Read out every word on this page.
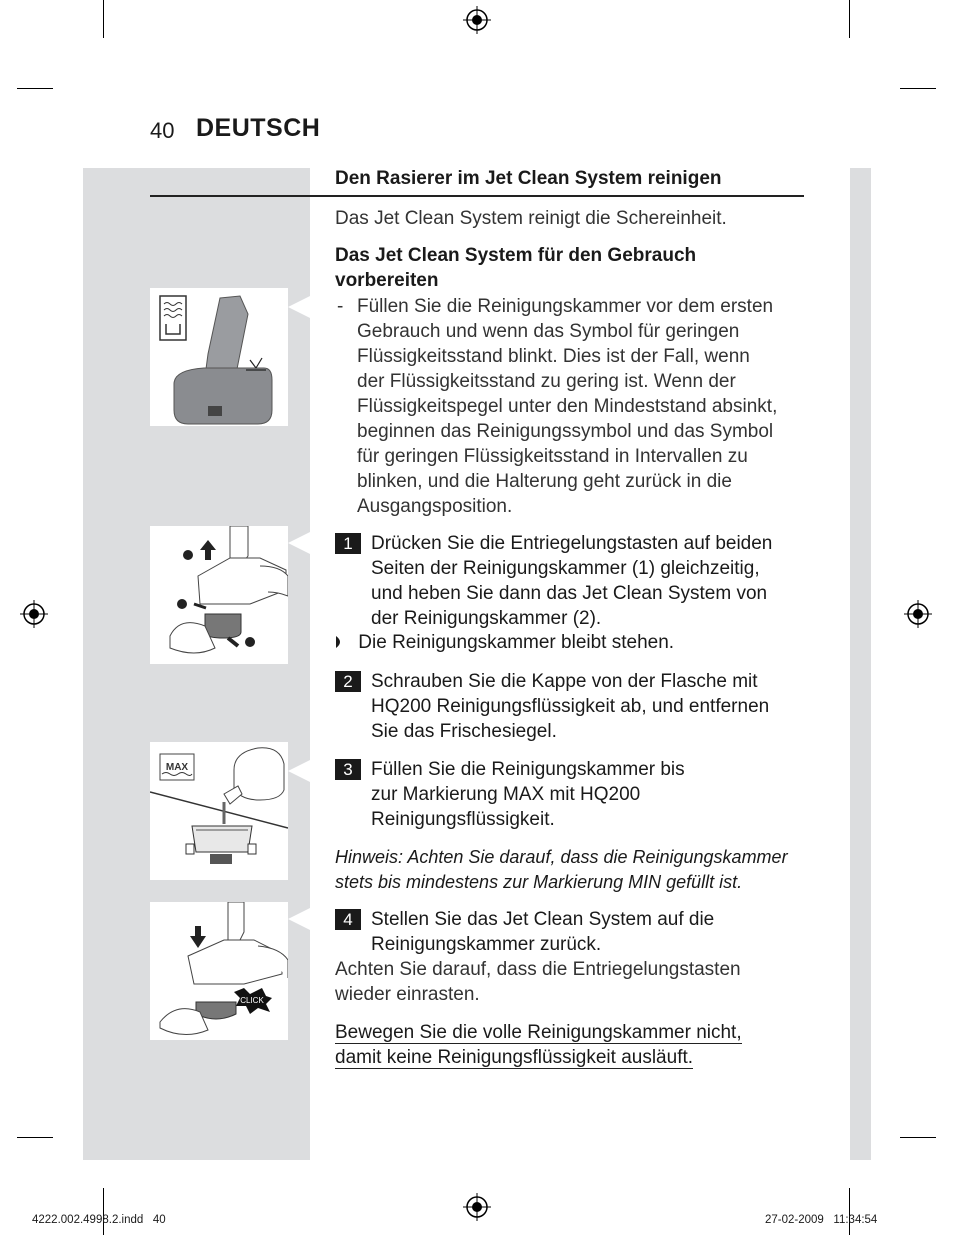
40 DEUTSCH
Den Rasierer im Jet Clean System reinigen
Das Jet Clean System reinigt die Schereinheit.
Das Jet Clean System für den Gebrauch vorbereiten
- Füllen Sie die Reinigungskammer vor dem ersten
Gebrauch und wenn das Symbol für geringen
Flüssigkeitsstand blinkt. Dies ist der Fall, wenn
der Flüssigkeitsstand zu gering ist. Wenn der
Flüssigkeitspegel unter den Mindeststand absinkt,
beginnen das Reinigungssymbol und das Symbol
für geringen Flüssigkeitsstand in Intervallen zu
blinken, und die Halterung geht zurück in die
Ausgangsposition.
MAX
CLICK
1 Drücken Sie die Entriegelungstasten auf beiden
Seiten der Reinigungskammer (1) gleichzeitig,
und heben Sie dann das Jet Clean System von
der Reinigungskammer (2).
Die Reinigungskammer bleibt stehen.
2 Schrauben Sie die Kappe von der Flasche mit
HQ200 Reinigungsflüssigkeit ab, und entfernen
Sie das Frischesiegel.
3 Füllen Sie die Reinigungskammer bis
zur Markierung MAX mit HQ200
Reinigungsflüssigkeit.
Hinweis: Achten Sie darauf, dass die Reinigungskammer
stets bis mindestens zur Markierung MIN gefüllt ist.
4 Stellen Sie das Jet Clean System auf die
Reinigungskammer zurück.
Achten Sie darauf, dass die Entriegelungstasten
wieder einrasten.
Bewegen Sie die volle Reinigungskammer nicht,
damit keine Reinigungsflüssigkeit ausläuft.
4222.002.4998.2.indd   40	27-02-2009   11:34:54
